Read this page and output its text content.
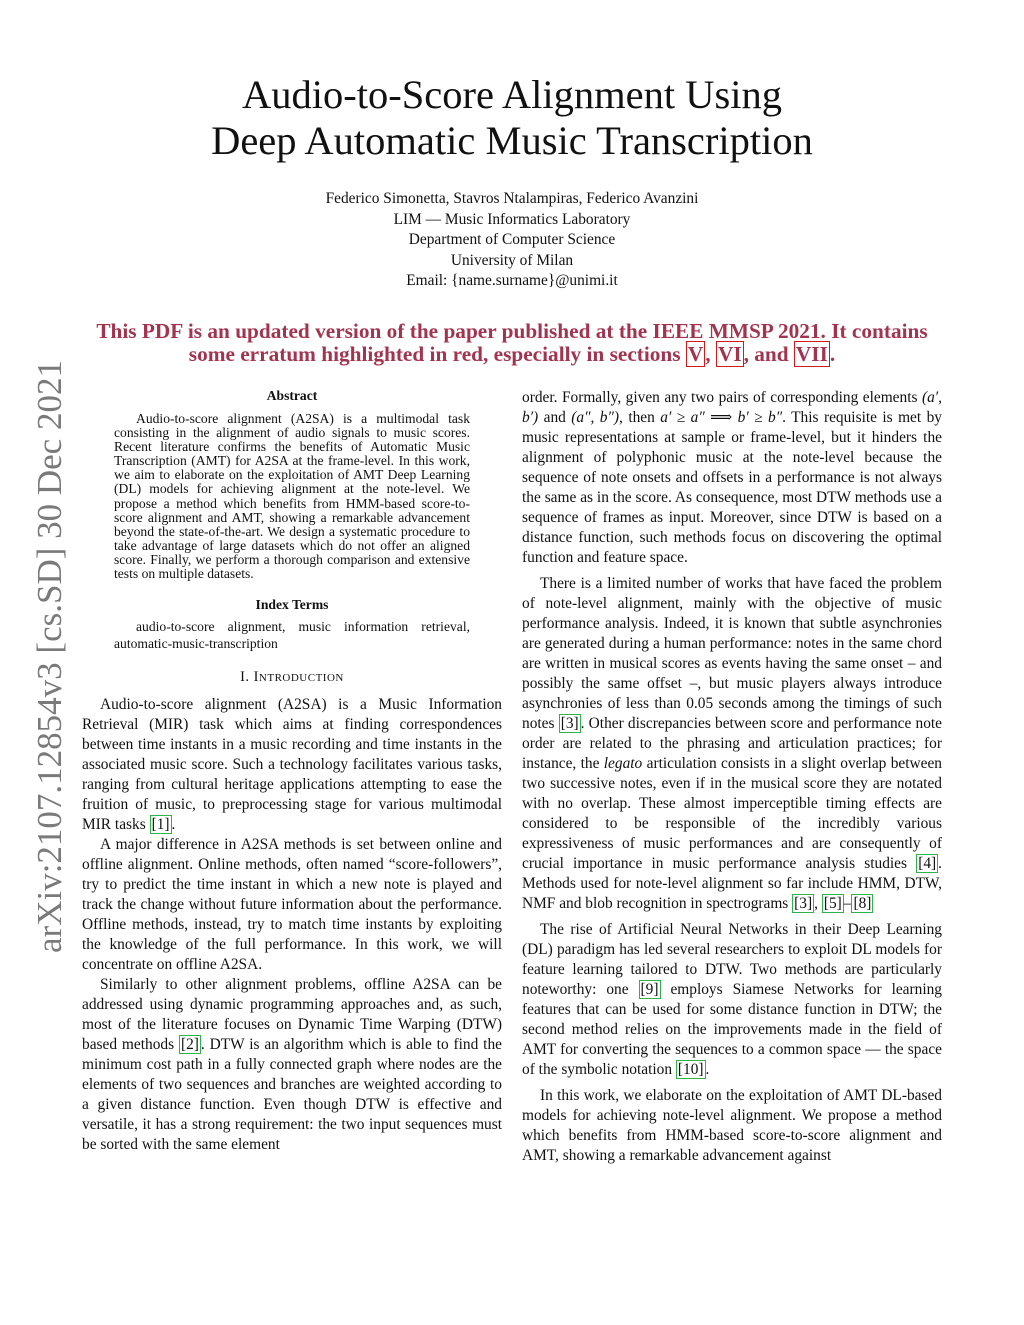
Audio-to-Score Alignment Using
Deep Automatic Music Transcription
Federico Simonetta, Stavros Ntalampiras, Federico Avanzini
LIM — Music Informatics Laboratory
Department of Computer Science
University of Milan
Email: {name.surname}@unimi.it
This PDF is an updated version of the paper published at the IEEE MMSP 2021. It contains some erratum highlighted in red, especially in sections V, VI, and VII.
arXiv:2107.12854v3 [cs.SD] 30 Dec 2021	Abstract

Audio-to-score alignment (A2SA) is a multimodal task consisting in the alignment of audio signals to music scores. Recent literature confirms the benefits of Automatic Music Transcription (AMT) for A2SA at the frame-level. In this work, we aim to elaborate on the exploitation of AMT Deep Learning (DL) models for achieving alignment at the note-level. We propose a method which benefits from HMM-based score-to-score alignment and AMT, showing a remarkable advancement beyond the state-of-the-art. We design a systematic procedure to take advantage of large datasets which do not offer an aligned score. Finally, we perform a thorough comparison and extensive tests on multiple datasets.

Index Terms

audio-to-score alignment, music information retrieval, automatic-music-transcription

I. INTRODUCTION

Audio-to-score alignment (A2SA) is a Music Information Retrieval (MIR) task which aims at finding correspondences between time instants in a music recording and time instants in the associated music score. Such a technology facilitates various tasks, ranging from cultural heritage applications attempting to ease the fruition of music, to preprocessing stage for various multimodal MIR tasks [1] .

A major difference in A2SA methods is set between online and offline alignment. Online methods, often named “score-followers”, try to predict the time instant in which a new note is played and track the change without future information about the performance. Offline methods, instead, try to match time instants by exploiting the knowledge of the full performance. In this work, we will concentrate on offline A2SA.

Similarly to other alignment problems, offline A2SA can be addressed using dynamic programming approaches and, as such, most of the literature focuses on Dynamic Time Warping (DTW) based methods [2] . DTW is an algorithm which is able to find the minimum cost path in a fully connected graph where nodes are the elements of two sequences and branches are weighted according to a given distance function. Even though DTW is effective and versatile, it has a strong requirement: the two input sequences must be sorted with the same element

order. Formally, given any two pairs of corresponding elements (a′, b′) and (a″, b″), then a′ ≥ a″ ⟹ b′ ≥ b″. This requisite is met by music representations at sample or frame-level, but it hinders the alignment of polyphonic music at the note-level because the sequence of note onsets and offsets in a performance is not always the same as in the score. As consequence, most DTW methods use a sequence of frames as input. Moreover, since DTW is based on a distance function, such methods focus on discovering the optimal function and feature space.

There is a limited number of works that have faced the problem of note-level alignment, mainly with the objective of music performance analysis. Indeed, it is known that subtle asynchronies are generated during a human performance: notes in the same chord are written in musical scores as events having the same onset – and possibly the same offset –, but music players always introduce asynchronies of less than 0.05 seconds among the timings of such notes [3] . Other discrepancies between score and performance note order are related to the phrasing and articulation practices; for instance, the legato articulation consists in a slight overlap between two successive notes, even if in the musical score they are notated with no overlap. These almost imperceptible timing effects are considered to be responsible of the incredibly various expressiveness of music performances and are consequently of crucial importance in music performance analysis studies [4] . Methods used for note-level alignment so far include HMM, DTW, NMF and blob recognition in spectrograms [3] , [5] – [8]

The rise of Artificial Neural Networks in their Deep Learning (DL) paradigm has led several researchers to exploit DL models for feature learning tailored to DTW. Two methods are particularly noteworthy: one [9] employs Siamese Networks for learning features that can be used for some distance function in DTW; the second method relies on the improvements made in the field of AMT for converting the sequences to a common space — the space of the symbolic notation [10] .

In this work, we elaborate on the exploitation of AMT DL-based models for achieving note-level alignment. We propose a method which benefits from HMM-based score-to-score alignment and AMT, showing a remarkable advancement against
